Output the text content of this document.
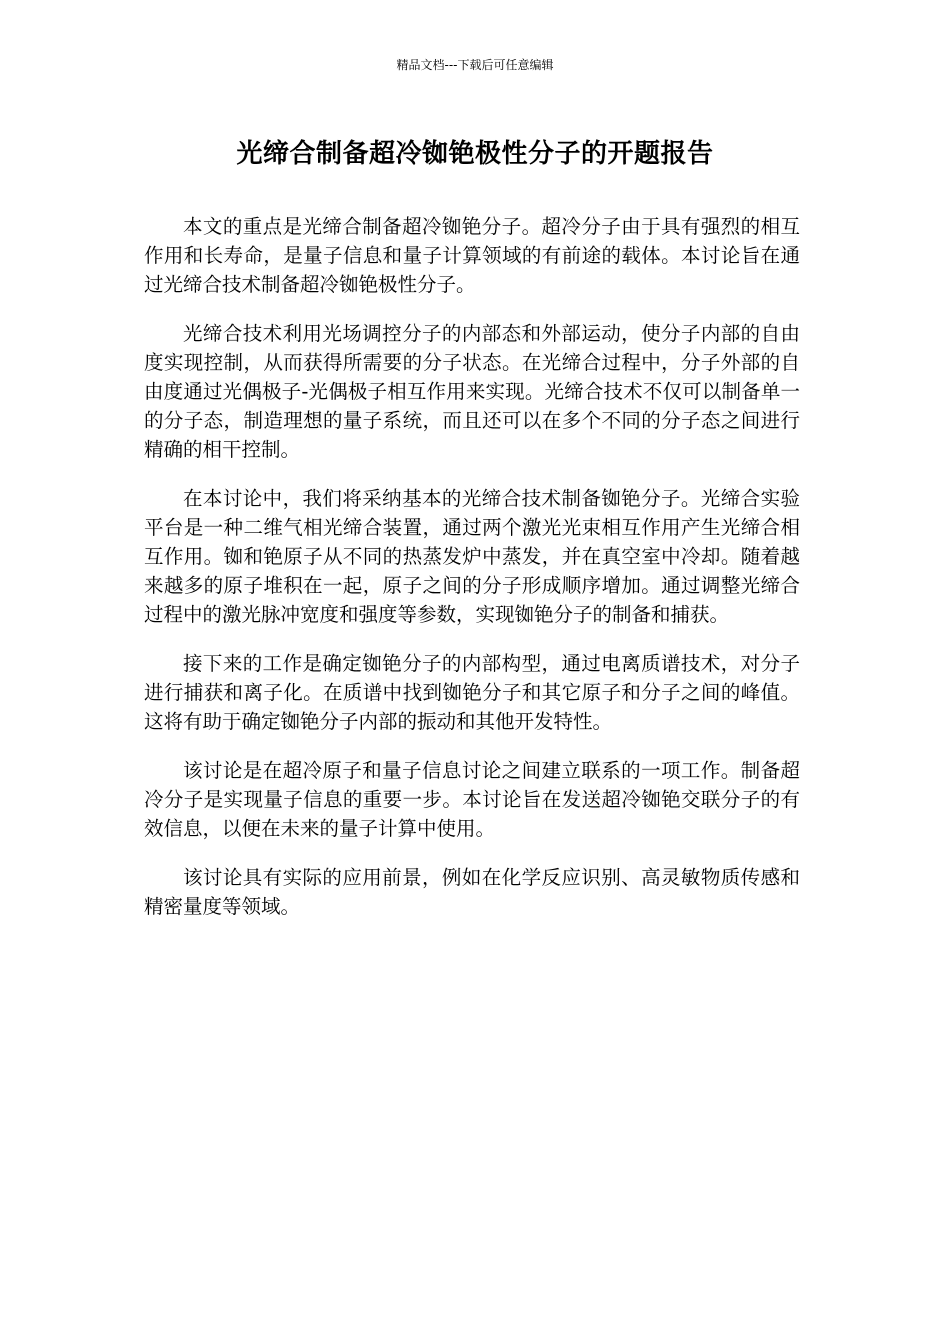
精品文档---下载后可任意编辑
光缔合制备超冷铷铯极性分子的开题报告

本文的重点是光缔合制备超冷铷铯分子。超冷分子由于具有强烈的相互作用和长寿命，是量子信息和量子计算领域的有前途的载体。本讨论旨在通过光缔合技术制备超冷铷铯极性分子。

光缔合技术利用光场调控分子的内部态和外部运动，使分子内部的自由度实现控制，从而获得所需要的分子状态。在光缔合过程中，分子外部的自由度通过光偶极子-光偶极子相互作用来实现。光缔合技术不仅可以制备单一的分子态，制造理想的量子系统，而且还可以在多个不同的分子态之间进行精确的相干控制。

在本讨论中，我们将采纳基本的光缔合技术制备铷铯分子。光缔合实验平台是一种二维气相光缔合装置，通过两个激光光束相互作用产生光缔合相互作用。铷和铯原子从不同的热蒸发炉中蒸发，并在真空室中冷却。随着越来越多的原子堆积在一起，原子之间的分子形成顺序增加。通过调整光缔合过程中的激光脉冲宽度和强度等参数，实现铷铯分子的制备和捕获。

接下来的工作是确定铷铯分子的内部构型，通过电离质谱技术，对分子进行捕获和离子化。在质谱中找到铷铯分子和其它原子和分子之间的峰值。这将有助于确定铷铯分子内部的振动和其他开发特性。

该讨论是在超冷原子和量子信息讨论之间建立联系的一项工作。制备超冷分子是实现量子信息的重要一步。本讨论旨在发送超冷铷铯交联分子的有效信息，以便在未来的量子计算中使用。

该讨论具有实际的应用前景，例如在化学反应识别、高灵敏物质传感和精密量度等领域。
